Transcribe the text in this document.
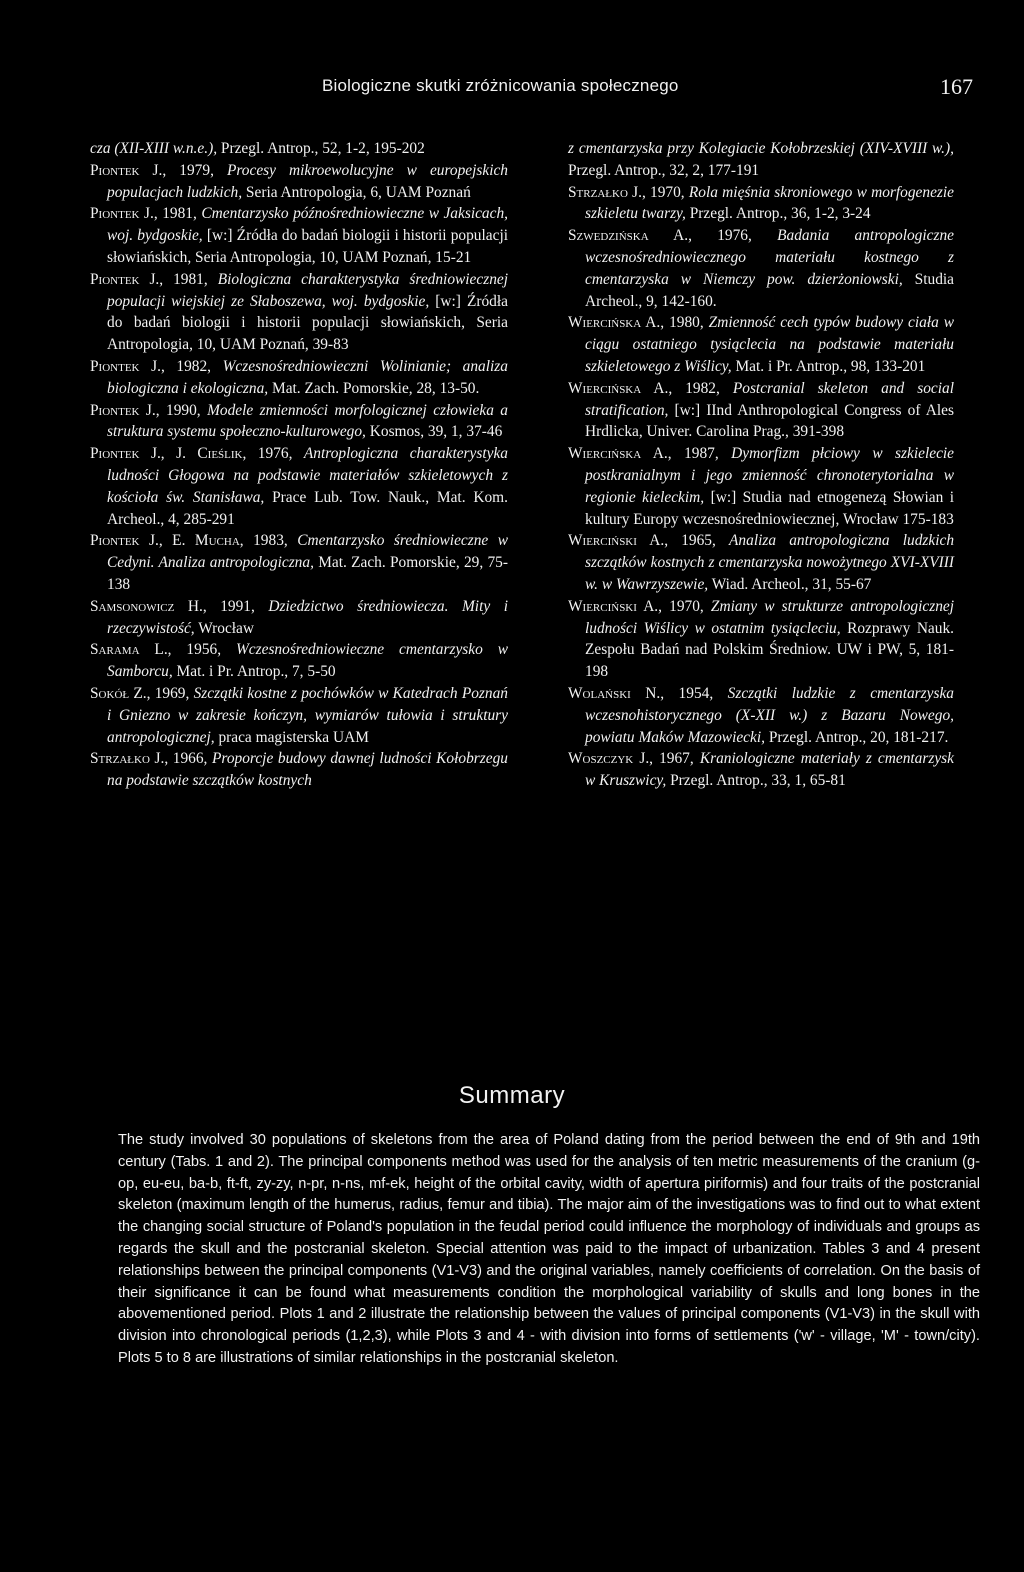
Biologiczne skutki zróżnicowania społecznego	167
cza (XII-XIII w.n.e.), Przegl. Antrop., 52, 1-2, 195-202
Piontek J., 1979, Procesy mikroewolucyjne w europejskich populacjach ludzkich, Seria Antropologia, 6, UAM Poznań
Piontek J., 1981, Cmentarzysko późnośredniowieczne w Jaksicach, woj. bydgoskie, [w:] Źródła do badań biologii i historii populacji słowiańskich, Seria Antropologia, 10, UAM Poznań, 15-21
Piontek J., 1981, Biologiczna charakterystyka średniowiecznej populacji wiejskiej ze Słaboszewa, woj. bydgoskie, [w:] Źródła do badań biologii i historii populacji słowiańskich, Seria Antropologia, 10, UAM Poznań, 39-83
Piontek J., 1982, Wczesnośredniowieczni Wolinianie; analiza biologiczna i ekologiczna, Mat. Zach. Pomorskie, 28, 13-50.
Piontek J., 1990, Modele zmienności morfologicznej człowieka a struktura systemu społeczno-kulturowego, Kosmos, 39, 1, 37-46
Piontek J., J. Cieślik, 1976, Antroplogiczna charakterystyka ludności Głogowa na podstawie materiałów szkieletowych z kościoła św. Stanisława, Prace Lub. Tow. Nauk., Mat. Kom. Archeol., 4, 285-291
Piontek J., E. Mucha, 1983, Cmentarzysko średniowieczne w Cedyni. Analiza antropologiczna, Mat. Zach. Pomorskie, 29, 75-138
Samsonowicz H., 1991, Dziedzictwo średniowiecza. Mity i rzeczywistość, Wrocław
Sarama L., 1956, Wczesnośredniowieczne cmentarzysko w Samborcu, Mat. i Pr. Antrop., 7, 5-50
Sokół Z., 1969, Szczątki kostne z pochówków w Katedrach Poznań i Gniezno w zakresie kończyn, wymiarów tułowia i struktury antropologicznej, praca magisterska UAM
Strzałko J., 1966, Proporcje budowy dawnej ludności Kołobrzegu na podstawie szczątków kostnych
z cmentarzyska przy Kolegiacie Kołobrzeskiej (XIV-XVIII w.), Przegl. Antrop., 32, 2, 177-191
Strzałko J., 1970, Rola mięśnia skroniowego w morfogenezie szkieletu twarzy, Przegl. Antrop., 36, 1-2, 3-24
Szwedzińska A., 1976, Badania antropologiczne wczesnośredniowiecznego materiału kostnego z cmentarzyska w Niemczy pow. dzierżoniowski, Studia Archeol., 9, 142-160.
Wiercińska A., 1980, Zmienność cech typów budowy ciała w ciągu ostatniego tysiąclecia na podstawie materiału szkieletowego z Wiślicy, Mat. i Pr. Antrop., 98, 133-201
Wiercińska A., 1982, Postcranial skeleton and social stratification, [w:] IInd Anthropological Congress of Ales Hrdlicka, Univer. Carolina Prag., 391-398
Wiercińska A., 1987, Dymorfizm płciowy w szkielecie postkranialnym i jego zmienność chronoterytorialna w regionie kieleckim, [w:] Studia nad etnogenezą Słowian i kultury Europy wczesnośredniowiecznej, Wrocław 175-183
Wierciński A., 1965, Analiza antropologiczna ludzkich szczątków kostnych z cmentarzyska nowożytnego XVI-XVIII w. w Wawrzyszewie, Wiad. Archeol., 31, 55-67
Wierciński A., 1970, Zmiany w strukturze antropologicznej ludności Wiślicy w ostatnim tysiącleciu, Rozprawy Nauk. Zespołu Badań nad Polskim Średniow. UW i PW, 5, 181-198
Wolański N., 1954, Szczątki ludzkie z cmentarzyska wczesnohistorycznego (X-XII w.) z Bazaru Nowego, powiatu Maków Mazowiecki, Przegl. Antrop., 20, 181-217.
Woszczyk J., 1967, Kraniologiczne materiały z cmentarzysk w Kruszwicy, Przegl. Antrop., 33, 1, 65-81
Summary
The study involved 30 populations of skeletons from the area of Poland dating from the period between the end of 9th and 19th century (Tabs. 1 and 2). The principal components method was used for the analysis of ten metric measurements of the cranium (g-op, eu-eu, ba-b, ft-ft, zy-zy, n-pr, n-ns, mf-ek, height of the orbital cavity, width of apertura piriformis) and four traits of the postcranial skeleton (maximum length of the humerus, radius, femur and tibia). The major aim of the investigations was to find out to what extent the changing social structure of Poland's population in the feudal period could influence the morphology of individuals and groups as regards the skull and the postcranial skeleton. Special attention was paid to the impact of urbanization. Tables 3 and 4 present relationships between the principal components (V1-V3) and the original variables, namely coefficients of correlation. On the basis of their significance it can be found what measurements condition the morphological variability of skulls and long bones in the abovementioned period. Plots 1 and 2 illustrate the relationship between the values of principal components (V1-V3) in the skull with division into chronological periods (1,2,3), while Plots 3 and 4 - with division into forms of settlements ('w' - village, 'M' - town/city). Plots 5 to 8 are illustrations of similar relationships in the postcranial skeleton.
